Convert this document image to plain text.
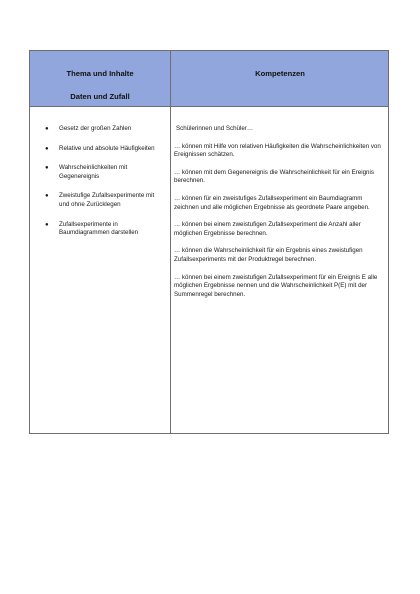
Thema und Inhalte
Daten und Zufall
Kompetenzen
● Gesetz der großen Zahlen
● Relative und absolute Häufigkeiten
● Wahrscheinlichkeiten mit Gegenereignis
● Zweistufige Zufallsexperimente mit und ohne Zurücklegen
● Zufallsexperimente in Baumdiagrammen darstellen
Schülerinnen und Schüler…

… können mit Hilfe von relativen Häufigkeiten die Wahrscheinlichkeiten von Ereignissen schätzen.

… können mit dem Gegenereignis die Wahrscheinlichkeit für ein Ereignis berechnen.

… können für ein zweistufiges Zufallsexperiment ein Baumdiagramm zeichnen und alle möglichen Ergebnisse als geordnete Paare angeben.

… können bei einem zweistufigen Zufallsexperiment die Anzahl aller möglichen Ergebnisse berechnen.

… können die Wahrscheinlichkeit für ein Ergebnis eines zweistufigen Zufallsexperiments mit der Produktregel berechnen.

… können bei einem zweistufigen Zufallsexperiment für ein Ereignis E alle möglichen Ergebnisse nennen und die Wahrscheinlichkeit P(E) mit der Summenregel berechnen.
